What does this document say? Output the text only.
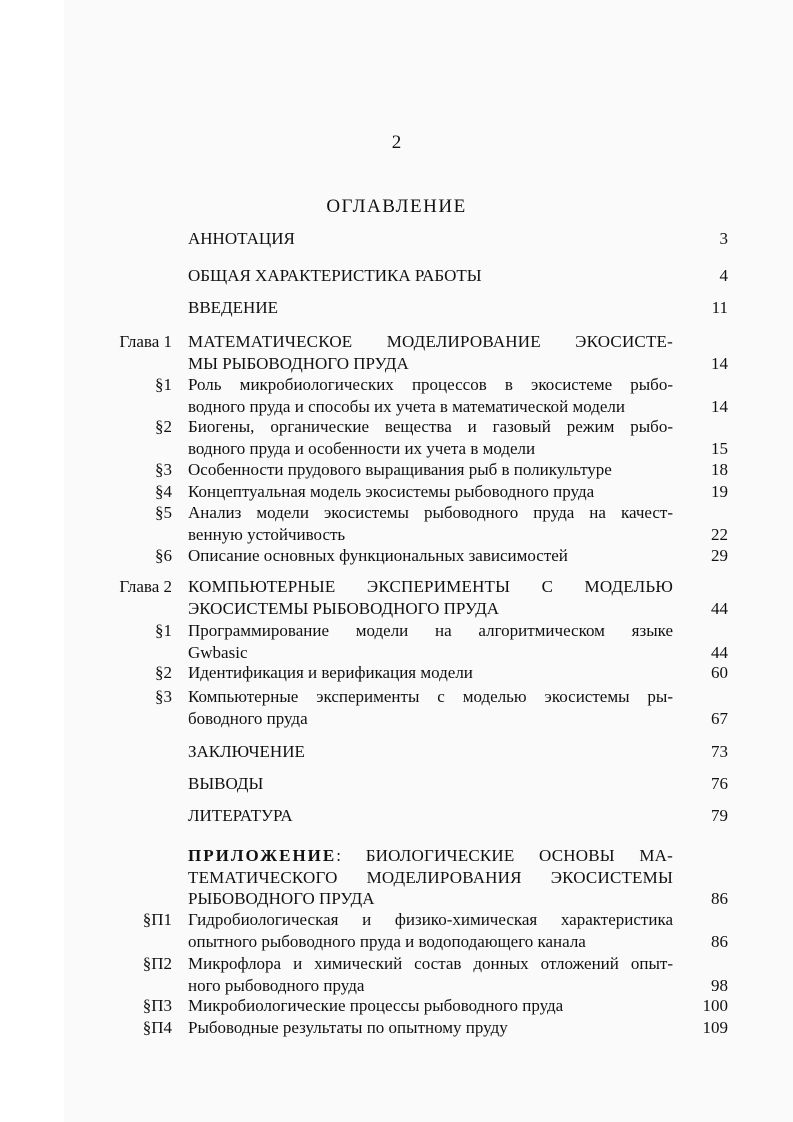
2
ОГЛАВЛЕНИЕ
АННОТАЦИЯ	3
ОБЩАЯ ХАРАКТЕРИСТИКА РАБОТЫ	4
ВВЕДЕНИЕ	11
Глава 1 МАТЕМАТИЧЕСКОЕ МОДЕЛИРОВАНИЕ ЭКОСИСТЕ-
МЫ РЫБОВОДНОГО ПРУДА	14
§1 Роль микробиологических процессов в экосистеме рыбо-
водного пруда и способы их учета в математической модели	14
§2 Биогены, органические вещества и газовый режим рыбо-
водного пруда и особенности их учета в модели	15
§3 Особенности прудового выращивания рыб в поликультуре	18
§4 Концептуальная модель экосистемы рыбоводного пруда	19
§5 Анализ модели экосистемы рыбоводного пруда на качест-
венную устойчивость	22
§6 Описание основных функциональных зависимостей	29
Глава 2 КОМПЬЮТЕРНЫЕ ЭКСПЕРИМЕНТЫ С МОДЕЛЬЮ
ЭКОСИСТЕМЫ РЫБОВОДНОГО ПРУДА	44
§1 Программирование модели на алгоритмическом языке
Gwbasic	44
§2 Идентификация и верификация модели	60
§3 Компьютерные эксперименты с моделью экосистемы ры-
боводного пруда	67
ЗАКЛЮЧЕНИЕ	73
ВЫВОДЫ	76
ЛИТЕРАТУРА	79
ПРИЛОЖЕНИЕ: БИОЛОГИЧЕСКИЕ ОСНОВЫ МА-
ТЕМАТИЧЕСКОГО МОДЕЛИРОВАНИЯ ЭКОСИСТЕМЫ
РЫБОВОДНОГО ПРУДА	86
§П1 Гидробиологическая и физико-химическая характеристика
опытного рыбоводного пруда и водоподающего канала	86
§П2 Микрофлора и химический состав донных отложений опыт-
ного рыбоводного пруда	98
§П3 Микробиологические процессы рыбоводного пруда	100
§П4 Рыбоводные результаты по опытному пруду	109
